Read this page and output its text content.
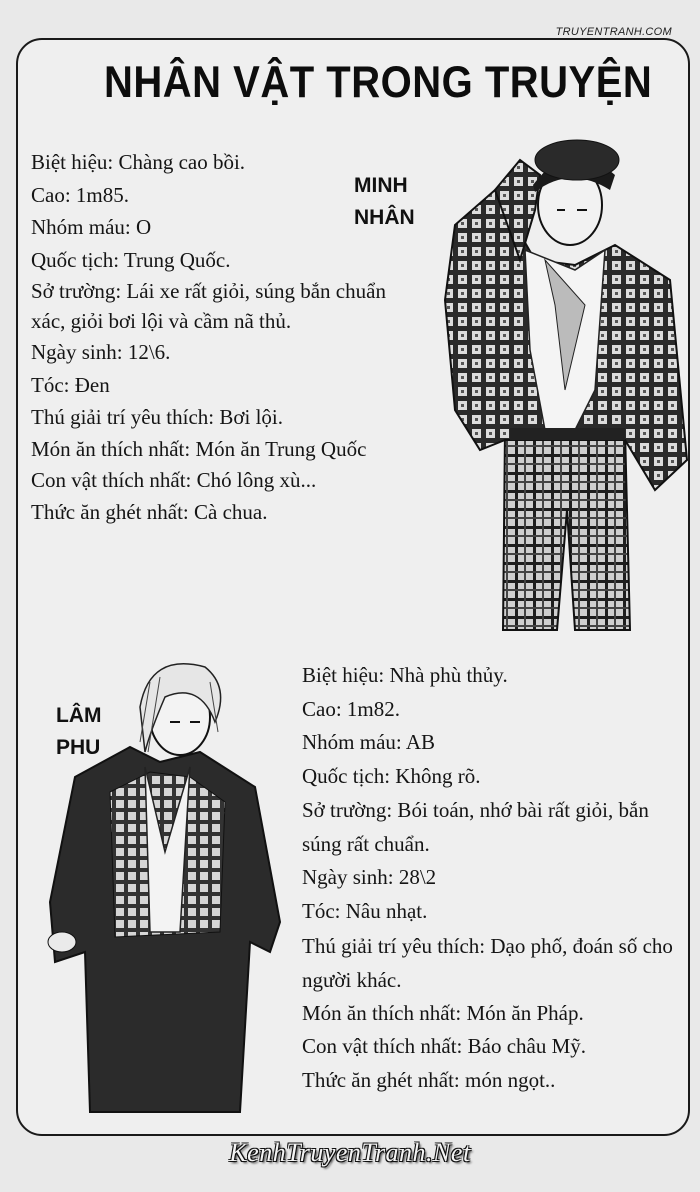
TRUYENTRANH.COM
NHÂN VẬT TRONG TRUYỆN
MINH
NHÂN
Biệt hiệu: Chàng cao bồi.
Cao: 1m85.
Nhóm máu: O
Quốc tịch: Trung Quốc.
Sở trường: Lái xe rất giỏi, súng bắn chuẩn xác, giỏi bơi lội và cầm nã thủ.
Ngày sinh: 12\6.
Tóc: Đen
Thú giải trí yêu thích: Bơi lội.
Món ăn thích nhất: Món ăn Trung Quốc
Con vật thích nhất: Chó lông xù...
Thức ăn ghét nhất: Cà chua.
LÂM
PHU
Biệt hiệu: Nhà phù thủy.
Cao: 1m82.
Nhóm máu: AB
Quốc tịch: Không rõ.
Sở trường: Bói toán, nhớ bài rất giỏi, bắn súng rất chuẩn.
Ngày sinh: 28\2
Tóc: Nâu nhạt.
Thú giải trí yêu thích: Dạo phố, đoán số cho người khác.
Món ăn thích nhất: Món ăn Pháp.
Con vật thích nhất: Báo châu Mỹ.
Thức ăn ghét nhất: món ngọt..
KenhTruyenTranh.Net
